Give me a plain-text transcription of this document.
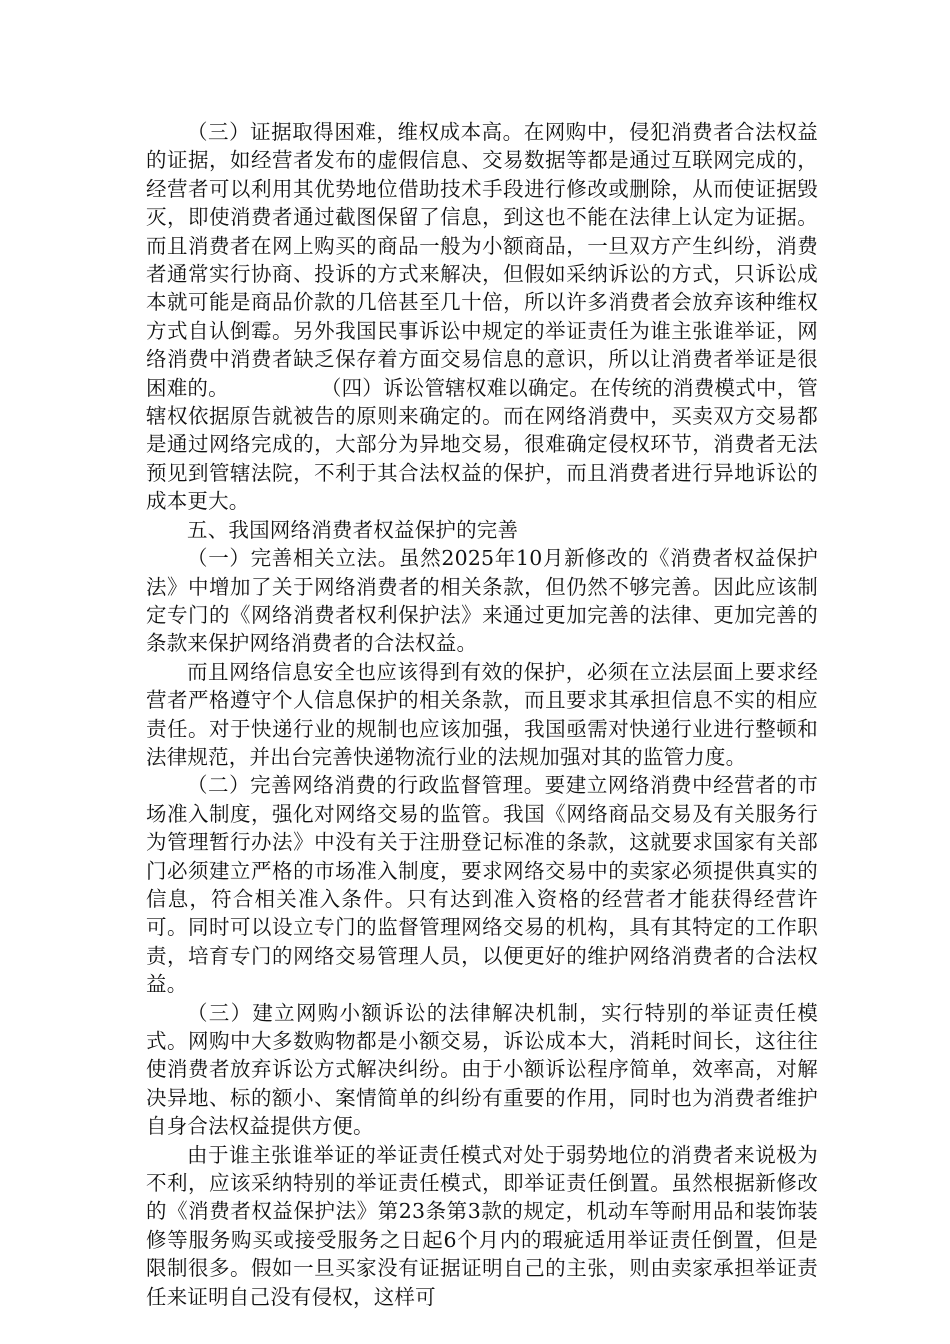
（三）证据取得困难，维权成本高。在网购中，侵犯消费者合法权益的证据，如经营者发布的虚假信息、交易数据等都是通过互联网完成的，经营者可以利用其优势地位借助技术手段进行修改或删除，从而使证据毁灭，即使消费者通过截图保留了信息，到这也不能在法律上认定为证据。而且消费者在网上购买的商品一般为小额商品，一旦双方产生纠纷，消费者通常实行协商、投诉的方式来解决，但假如采纳诉讼的方式，只诉讼成本就可能是商品价款的几倍甚至几十倍，所以许多消费者会放弃该种维权方式自认倒霉。另外我国民事诉讼中规定的举证责任为谁主张谁举证，网络消费中消费者缺乏保存着方面交易信息的意识，所以让消费者举证是很困难的。	（四）诉讼管辖权难以确定。在传统的消费模式中，管辖权依据原告就被告的原则来确定的。而在网络消费中，买卖双方交易都是通过网络完成的，大部分为异地交易，很难确定侵权环节，消费者无法预见到管辖法院，不利于其合法权益的保护，而且消费者进行异地诉讼的成本更大。

五、我国网络消费者权益保护的完善

（一）完善相关立法。虽然2025年10月新修改的《消费者权益保护法》中增加了关于网络消费者的相关条款，但仍然不够完善。因此应该制定专门的《网络消费者权利保护法》来通过更加完善的法律、更加完善的条款来保护网络消费者的合法权益。

而且网络信息安全也应该得到有效的保护，必须在立法层面上要求经营者严格遵守个人信息保护的相关条款，而且要求其承担信息不实的相应责任。对于快递行业的规制也应该加强，我国亟需对快递行业进行整顿和法律规范，并出台完善快递物流行业的法规加强对其的监管力度。

（二）完善网络消费的行政监督管理。要建立网络消费中经营者的市场准入制度，强化对网络交易的监管。我国《网络商品交易及有关服务行为管理暂行办法》中没有关于注册登记标准的条款，这就要求国家有关部门必须建立严格的市场准入制度，要求网络交易中的卖家必须提供真实的信息，符合相关准入条件。只有达到准入资格的经营者才能获得经营许可。同时可以设立专门的监督管理网络交易的机构，具有其特定的工作职责，培育专门的网络交易管理人员，以便更好的维护网络消费者的合法权益。

（三）建立网购小额诉讼的法律解决机制，实行特别的举证责任模式。网购中大多数购物都是小额交易，诉讼成本大，消耗时间长，这往往使消费者放弃诉讼方式解决纠纷。由于小额诉讼程序简单，效率高，对解决异地、标的额小、案情简单的纠纷有重要的作用，同时也为消费者维护自身合法权益提供方便。

由于谁主张谁举证的举证责任模式对处于弱势地位的消费者来说极为不利，应该采纳特别的举证责任模式，即举证责任倒置。虽然根据新修改的《消费者权益保护法》第23条第3款的规定，机动车等耐用品和装饰装修等服务购买或接受服务之日起6个月内的瑕疵适用举证责任倒置，但是限制很多。假如一旦买家没有证据证明自己的主张，则由卖家承担举证责任来证明自己没有侵权，这样可
